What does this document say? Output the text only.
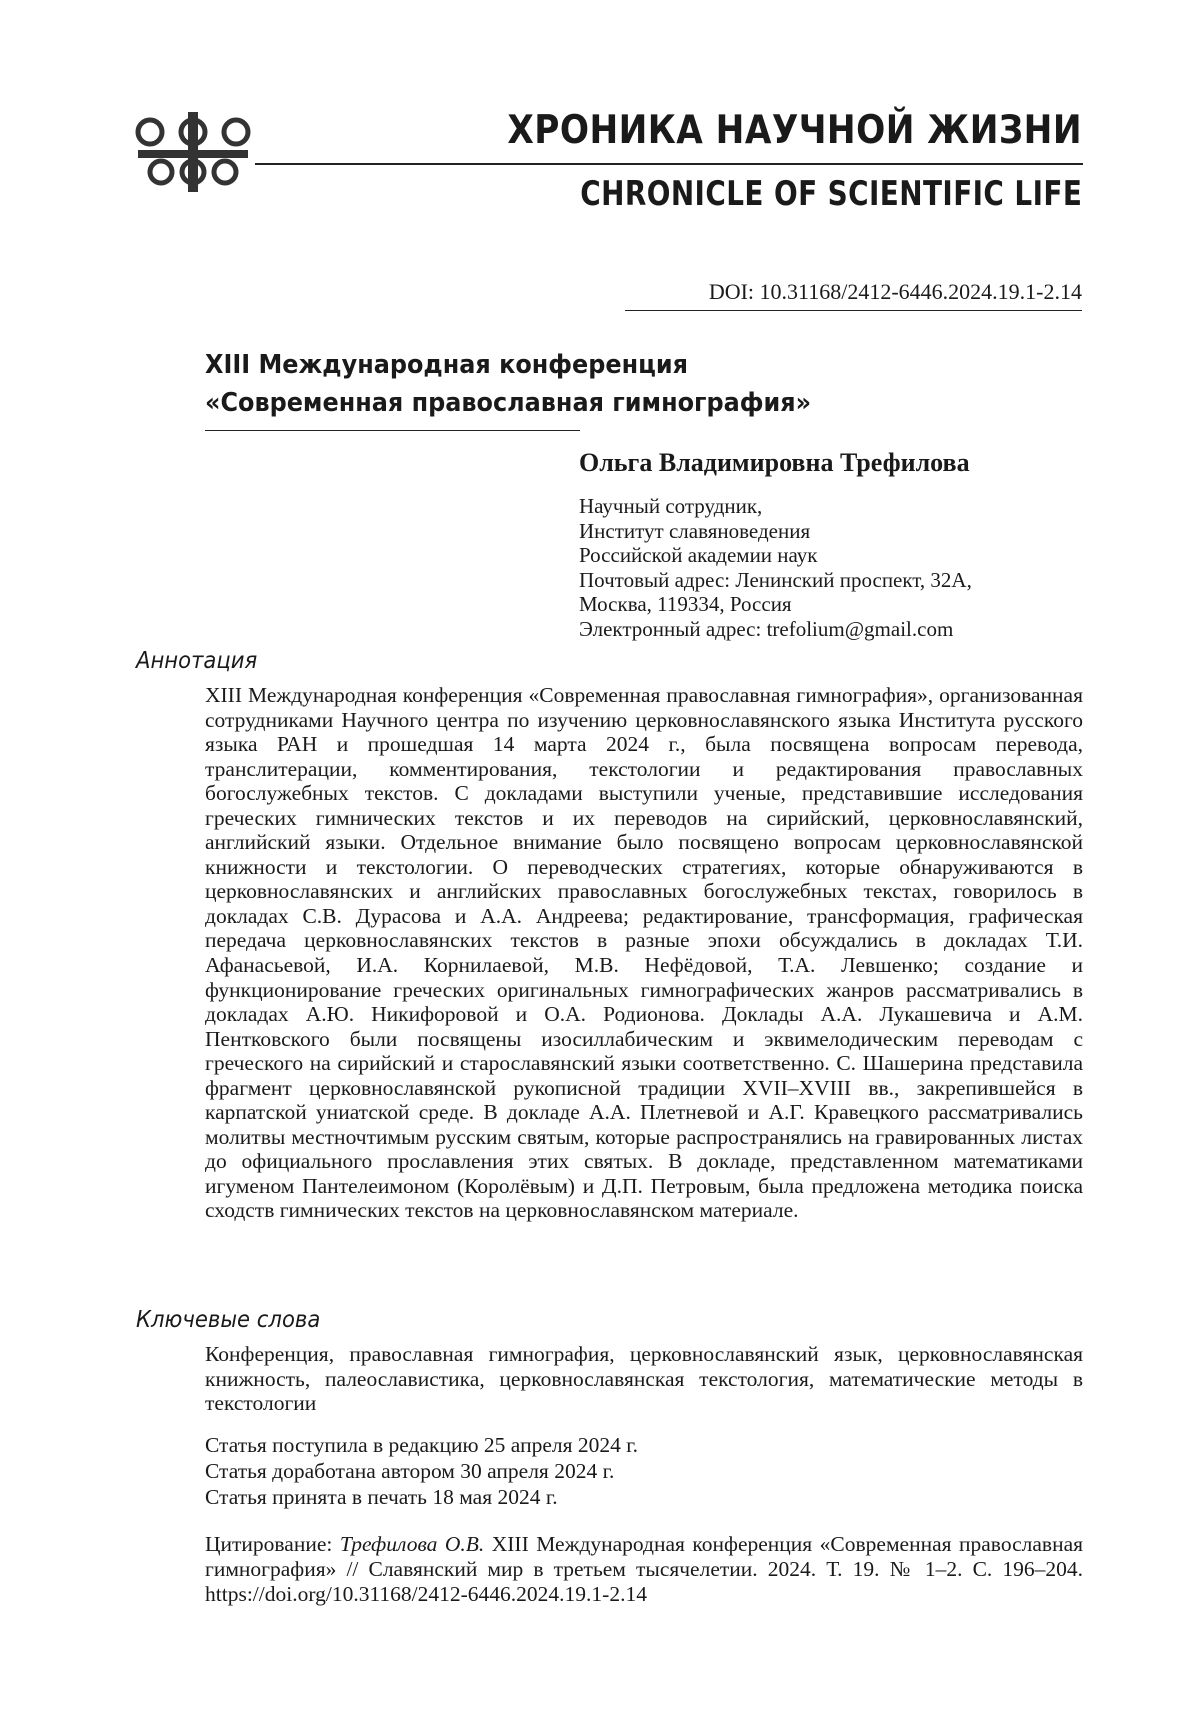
ХРОНИКА НАУЧНОЙ ЖИЗНИ
CHRONICLE OF SCIENTIFIC LIFE
DOI: 10.31168/2412-6446.2024.19.1-2.14
XIII Международная конференция
«Современная православная гимнография»
Ольга Владимировна Трефилова
Научный сотрудник,
Институт славяноведения
Российской академии наук
Почтовый адрес: Ленинский проспект, 32А,
Москва, 119334, Россия
Электронный адрес: trefolium@gmail.com
Аннотация

XIII Международная конференция «Современная православная гимнография», организованная сотрудниками Научного центра по изучению церковнославянского языка Института русского языка РАН и прошедшая 14 марта 2024 г., была посвящена вопросам перевода, транслитерации, комментирования, текстологии и редактирования православных богослужебных текстов. С докладами выступили ученые, представившие исследования греческих гимнических текстов и их переводов на сирийский, церковнославянский, английский языки. Отдельное внимание было посвящено вопросам церковнославянской книжности и текстологии. О переводческих стратегиях, которые обнаруживаются в церковнославянских и английских православных богослужебных текстах, говорилось в докладах С.В. Дурасова и А.А. Андреева; редактирование, трансформация, графическая передача церковнославянских текстов в разные эпохи обсуждались в докладах Т.И. Афанасьевой, И.А. Корнилаевой, М.В. Нефёдовой, Т.А. Левшенко; создание и функционирование греческих оригинальных гимнографических жанров рассматривались в докладах А.Ю. Никифоровой и О.А. Родионова. Доклады А.А. Лукашевича и А.М. Пентковского были посвящены изосиллабическим и эквимелодическим переводам с греческого на сирийский и старославянский языки соответственно. С. Шашерина представила фрагмент церковнославянской рукописной традиции XVII–XVIII вв., закрепившейся в карпатской униатской среде. В докладе А.А. Плетневой и А.Г. Кравецкого рассматривались молитвы местночтимым русским святым, которые распространялись на гравированных листах до официального прославления этих святых. В докладе, представленном математиками игуменом Пантелеимоном (Королёвым) и Д.П. Петровым, была предложена методика поиска сходств гимнических текстов на церковнославянском материале.

Ключевые слова

Конференция, православная гимнография, церковнославянский язык, церковнославянская книжность, палеославистика, церковнославянская текстология, математические методы в текстологии

Статья поступила в редакцию 25 апреля 2024 г.
Статья доработана автором 30 апреля 2024 г.
Статья принята в печать 18 мая 2024 г.

Цитирование: Трефилова О.В. XIII Международная конференция «Современная православная гимнография» // Славянский мир в третьем тысячелетии. 2024. Т. 19. № 1–2. С. 196–204. https://doi.org/10.31168/2412-6446.2024.19.1-2.14
